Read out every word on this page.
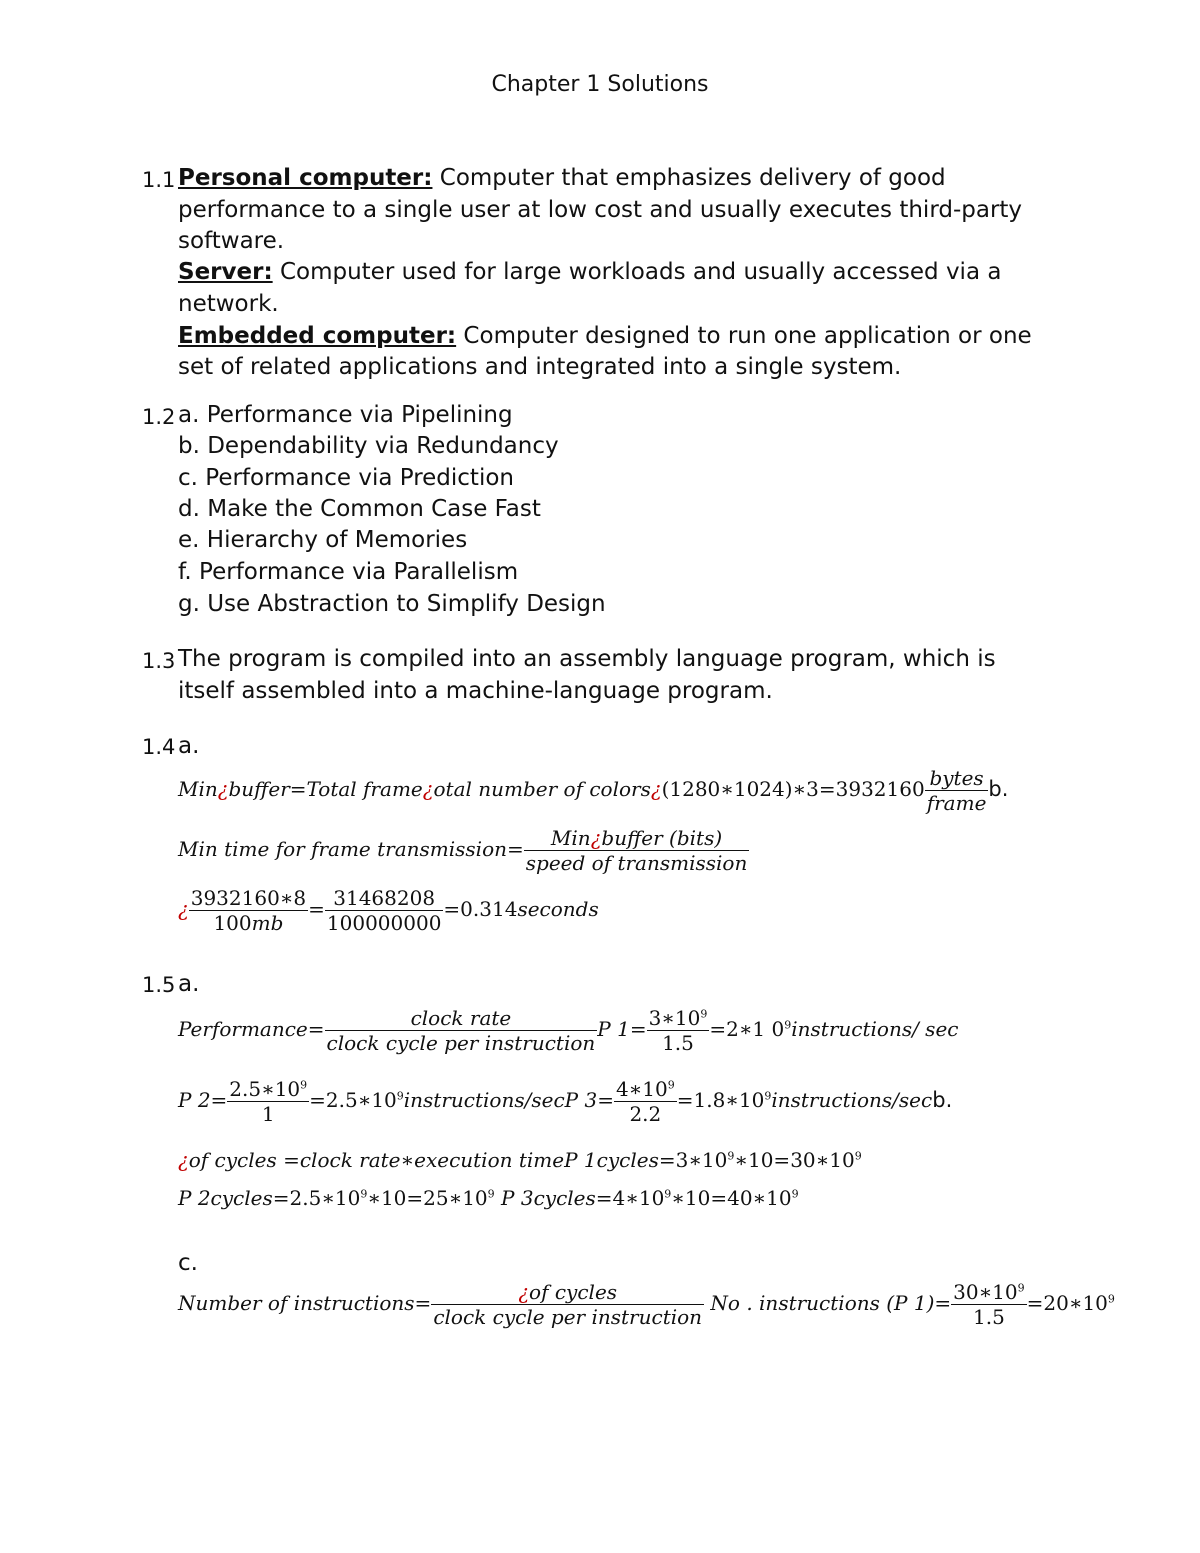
Chapter 1 Solutions
1.1 Personal computer: Computer that emphasizes delivery of good
performance to a single user at low cost and usually executes third-party
software.
Server: Computer used for large workloads and usually accessed via a
network.
Embedded computer: Computer designed to run one application or one
set of related applications and integrated into a single system.
1.2 a. Performance via Pipelining
b. Dependability via Redundancy
c. Performance via Prediction
d. Make the Common Case Fast
e. Hierarchy of Memories
f. Performance via Parallelism
g. Use Abstraction to Simplify Design
1.3 The program is compiled into an assembly language program, which is
itself assembled into a machine-language program.
1.4 a.
Min¿buffer=Total frame¿otal number of colors¿(1280∗1024)∗3=3932160 $\frac{\text{bytes}}{\text{frame}} b$.
Min time for frame transmission= $\frac{\text{Min¿buffer (bits)}}{\text{speed of transmission}}$
¿ $\frac{3932160∗8}{100mb} = \frac{31468208}{100000000}$ =0.314seconds
1.5 a.
Performance= $\frac{\text{clock rate}}{\text{clock cycle per instruction}}$ P $1= \frac{3∗10^9}{1.5}$ =2∗1 $0^9instructions/$ sec
P $2= \frac{2.5∗10^9}{1}$ $=2.5∗10^9instructions$/secP $3= \frac{4∗10^9}{2.2}$ $=1.8∗10^9instructions$/secb.
¿of cycles =clock rate∗execution timeP $1cycles=3∗10^9∗10=30∗10^9$
P $2cycles=2.5∗10^9∗10=25∗10^9$ P $3cycles=4∗10^9∗10=40∗10^9$
c.
Number of instructions= $\frac{\text{¿of cycles}}{\text{clock cycle per instruction}}$ No . instructions (P $1)= \frac{30∗10^9}{1.5}$ $=20∗10^9$
